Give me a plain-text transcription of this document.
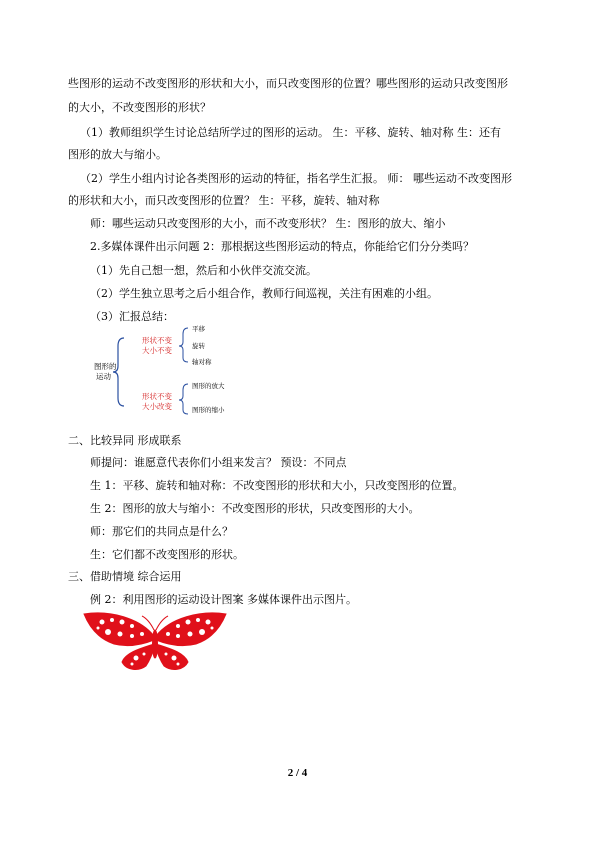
些图形的运动不改变图形的形状和大小，而只改变图形的位置？哪些图形的运动只改变图形
的大小，不改变图形的形状？
（1）教师组织学生讨论总结所学过的图形的运动。 生：平移、旋转、轴对称 生：还有
图形的放大与缩小。
（2）学生小组内讨论各类图形的运动的特征，指名学生汇报。 师： 哪些运动不改变图形
的形状和大小，而只改变图形的位置？ 生：平移，旋转、轴对称
师：哪些运动只改变图形的大小，而不改变形状？ 生：图形的放大、缩小
2.多媒体课件出示问题 2：那根据这些图形运动的特点，你能给它们分分类吗？
（1）先自己想一想，然后和小伙伴交流交流。
（2）学生独立思考之后小组合作，教师行间巡视，关注有困难的小组。
（3）汇报总结：
图形的
运动
形状不变
大小不变
平移
旋转
轴对称
形状不变
大小改变
图形的放大
图形的缩小
二、比较异同 形成联系
师提问：谁愿意代表你们小组来发言？ 预设：不同点
生 1：平移、旋转和轴对称：不改变图形的形状和大小，只改变图形的位置。
生 2：图形的放大与缩小：不改变图形的形状，只改变图形的大小。
师：那它们的共同点是什么？
生：它们都不改变图形的形状。
三、借助情境 综合运用
例 2：利用图形的运动设计图案 多媒体课件出示图片。
2 / 4
